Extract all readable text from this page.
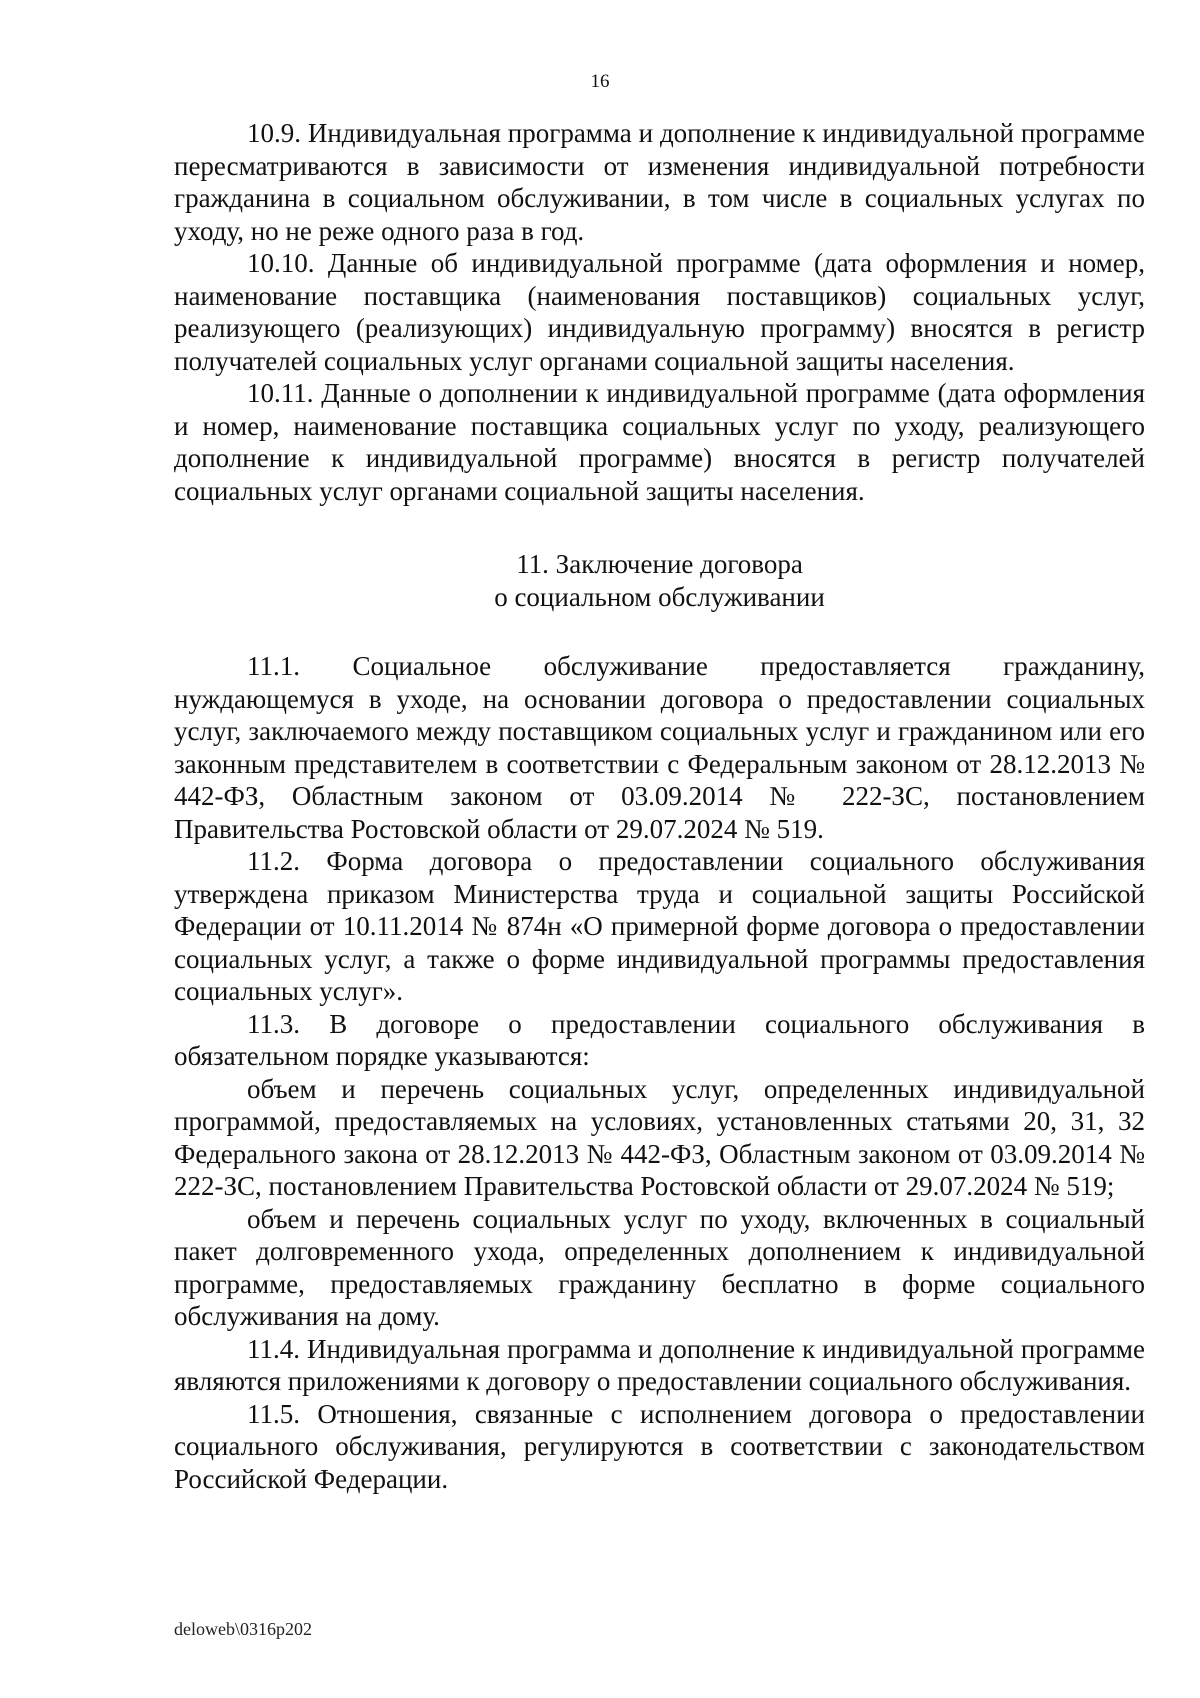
16

10.9. Индивидуальная программа и дополнение к индивидуальной программе пересматриваются в зависимости от изменения индивидуальной потребности гражданина в социальном обслуживании, в том числе в социальных услугах по уходу, но не реже одного раза в год.

10.10. Данные об индивидуальной программе (дата оформления и номер, наименование поставщика (наименования поставщиков) социальных услуг, реализующего (реализующих) индивидуальную программу) вносятся в регистр получателей социальных услуг органами социальной защиты населения.

10.11. Данные о дополнении к индивидуальной программе (дата оформления и номер, наименование поставщика социальных услуг по уходу, реализующего дополнение к индивидуальной программе) вносятся в регистр получателей социальных услуг органами социальной защиты населения.

11. Заключение договора
о социальном обслуживании

11.1. Социальное обслуживание предоставляется гражданину, нуждающемуся в уходе, на основании договора о предоставлении социальных услуг, заключаемого между поставщиком социальных услуг и гражданином или его законным представителем в соответствии с Федеральным законом от 28.12.2013 № 442-ФЗ, Областным законом от 03.09.2014 № 222-ЗС, постановлением Правительства Ростовской области от 29.07.2024 № 519.

11.2. Форма договора о предоставлении социального обслуживания утверждена приказом Министерства труда и социальной защиты Российской Федерации от 10.11.2014 № 874н «О примерной форме договора о предоставлении социальных услуг, а также о форме индивидуальной программы предоставления социальных услуг».

11.3. В договоре о предоставлении социального обслуживания в обязательном порядке указываются:

объем и перечень социальных услуг, определенных индивидуальной программой, предоставляемых на условиях, установленных статьями 20, 31, 32 Федерального закона от 28.12.2013 № 442-ФЗ, Областным законом от 03.09.2014 № 222-ЗС, постановлением Правительства Ростовской области от 29.07.2024 № 519;

объем и перечень социальных услуг по уходу, включенных в социальный пакет долговременного ухода, определенных дополнением к индивидуальной программе, предоставляемых гражданину бесплатно в форме социального обслуживания на дому.

11.4. Индивидуальная программа и дополнение к индивидуальной программе являются приложениями к договору о предоставлении социального обслуживания.

11.5. Отношения, связанные с исполнением договора о предоставлении социального обслуживания, регулируются в соответствии с законодательством Российской Федерации.

deloweb\0316p202
